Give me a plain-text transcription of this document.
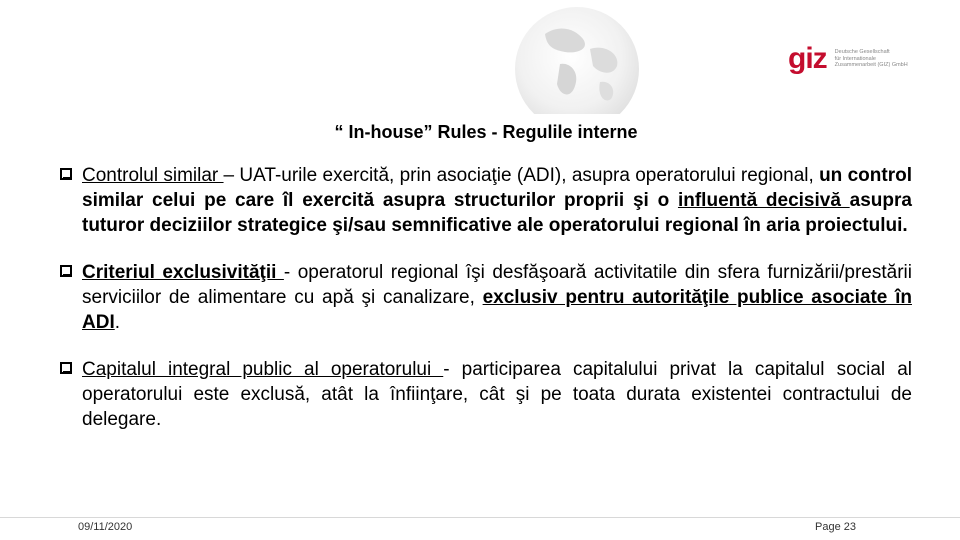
giz Deutsche Gesellschaft
für Internationale
Zusammenarbeit (GIZ) GmbH
“ In-house” Rules - Regulile interne
Controlul similar – UAT-urile exercită, prin asociaţie (ADI), asupra operatorului regional, un control similar celui pe care îl exercită asupra structurilor proprii şi o influentă decisivă asupra tuturor deciziilor strategice şi/sau semnificative ale operatorului regional în aria proiectului.
Criteriul exclusivităţii - operatorul regional îşi desfăşoară activitatile din sfera furnizării/prestării serviciilor de alimentare cu apă şi canalizare, exclusiv pentru autorităţile publice asociate în ADI.
Capitalul integral public al operatorului - participarea capitalului privat la capitalul social al operatorului este exclusă, atât la înfiinţare, cât şi pe toata durata existentei contractului de delegare.
09/11/2020	Page 23
